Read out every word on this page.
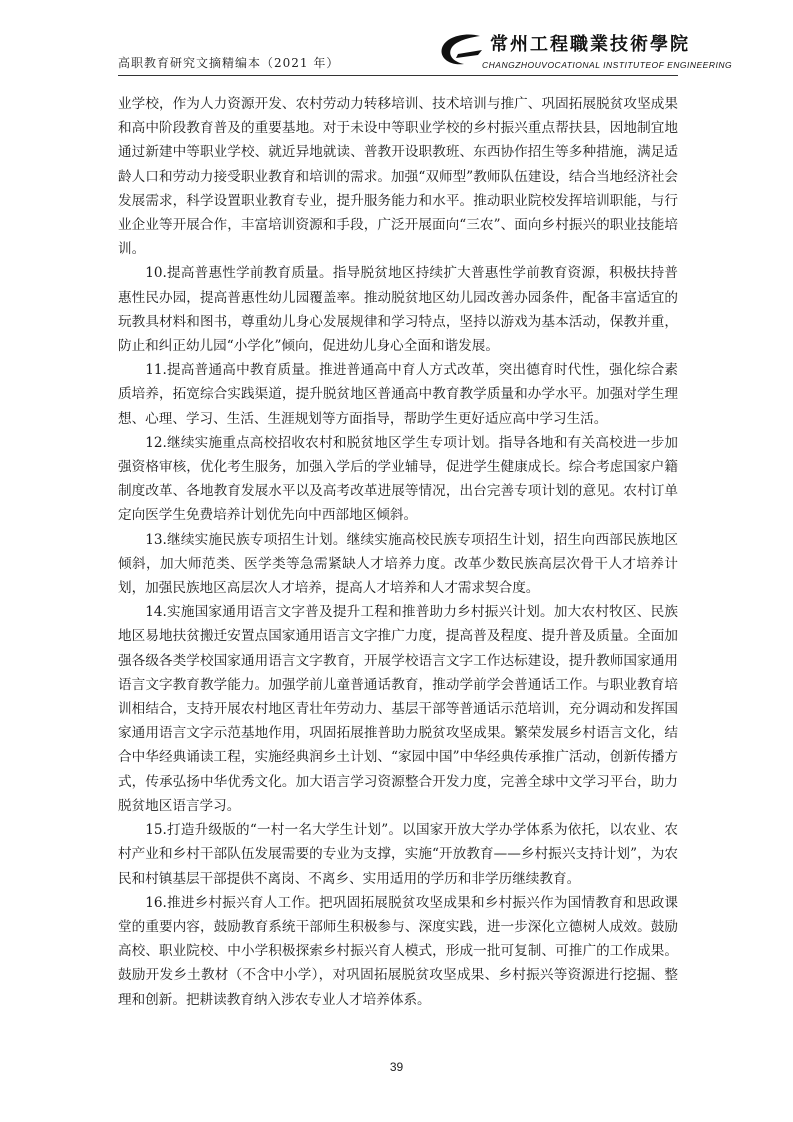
高职教育研究文摘精编本（2021 年）
常州工程職業技術學院
CHANGZHOUVOCATIONAL INSTITUTEOF ENGINEERING

业学校，作为人力资源开发、农村劳动力转移培训、技术培训与推广、巩固拓展脱贫攻坚成果和高中阶段教育普及的重要基地。对于未设中等职业学校的乡村振兴重点帮扶县，因地制宜地通过新建中等职业学校、就近异地就读、普教开设职教班、东西协作招生等多种措施，满足适龄人口和劳动力接受职业教育和培训的需求。加强“双师型”教师队伍建设，结合当地经济社会发展需求，科学设置职业教育专业，提升服务能力和水平。推动职业院校发挥培训职能，与行业企业等开展合作，丰富培训资源和手段，广泛开展面向“三农”、面向乡村振兴的职业技能培训。

10.提高普惠性学前教育质量。指导脱贫地区持续扩大普惠性学前教育资源，积极扶持普惠性民办园，提高普惠性幼儿园覆盖率。推动脱贫地区幼儿园改善办园条件，配备丰富适宜的玩教具材料和图书，尊重幼儿身心发展规律和学习特点，坚持以游戏为基本活动，保教并重，防止和纠正幼儿园“小学化”倾向，促进幼儿身心全面和谐发展。

11.提高普通高中教育质量。推进普通高中育人方式改革，突出德育时代性，强化综合素质培养，拓宽综合实践渠道，提升脱贫地区普通高中教育教学质量和办学水平。加强对学生理想、心理、学习、生活、生涯规划等方面指导，帮助学生更好适应高中学习生活。

12.继续实施重点高校招收农村和脱贫地区学生专项计划。指导各地和有关高校进一步加强资格审核，优化考生服务，加强入学后的学业辅导，促进学生健康成长。综合考虑国家户籍制度改革、各地教育发展水平以及高考改革进展等情况，出台完善专项计划的意见。农村订单定向医学生免费培养计划优先向中西部地区倾斜。

13.继续实施民族专项招生计划。继续实施高校民族专项招生计划，招生向西部民族地区倾斜，加大师范类、医学类等急需紧缺人才培养力度。改革少数民族高层次骨干人才培养计划，加强民族地区高层次人才培养，提高人才培养和人才需求契合度。

14.实施国家通用语言文字普及提升工程和推普助力乡村振兴计划。加大农村牧区、民族地区易地扶贫搬迁安置点国家通用语言文字推广力度，提高普及程度、提升普及质量。全面加强各级各类学校国家通用语言文字教育，开展学校语言文字工作达标建设，提升教师国家通用语言文字教育教学能力。加强学前儿童普通话教育，推动学前学会普通话工作。与职业教育培训相结合，支持开展农村地区青壮年劳动力、基层干部等普通话示范培训，充分调动和发挥国家通用语言文字示范基地作用，巩固拓展推普助力脱贫攻坚成果。繁荣发展乡村语言文化，结合中华经典诵读工程，实施经典润乡土计划、“家园中国”中华经典传承推广活动，创新传播方式，传承弘扬中华优秀文化。加大语言学习资源整合开发力度，完善全球中文学习平台，助力脱贫地区语言学习。

15.打造升级版的“一村一名大学生计划”。以国家开放大学办学体系为依托，以农业、农村产业和乡村干部队伍发展需要的专业为支撑，实施“开放教育——乡村振兴支持计划”，为农民和村镇基层干部提供不离岗、不离乡、实用适用的学历和非学历继续教育。

16.推进乡村振兴育人工作。把巩固拓展脱贫攻坚成果和乡村振兴作为国情教育和思政课堂的重要内容，鼓励教育系统干部师生积极参与、深度实践，进一步深化立德树人成效。鼓励高校、职业院校、中小学积极探索乡村振兴育人模式，形成一批可复制、可推广的工作成果。鼓励开发乡土教材（不含中小学），对巩固拓展脱贫攻坚成果、乡村振兴等资源进行挖掘、整理和创新。把耕读教育纳入涉农专业人才培养体系。

39
